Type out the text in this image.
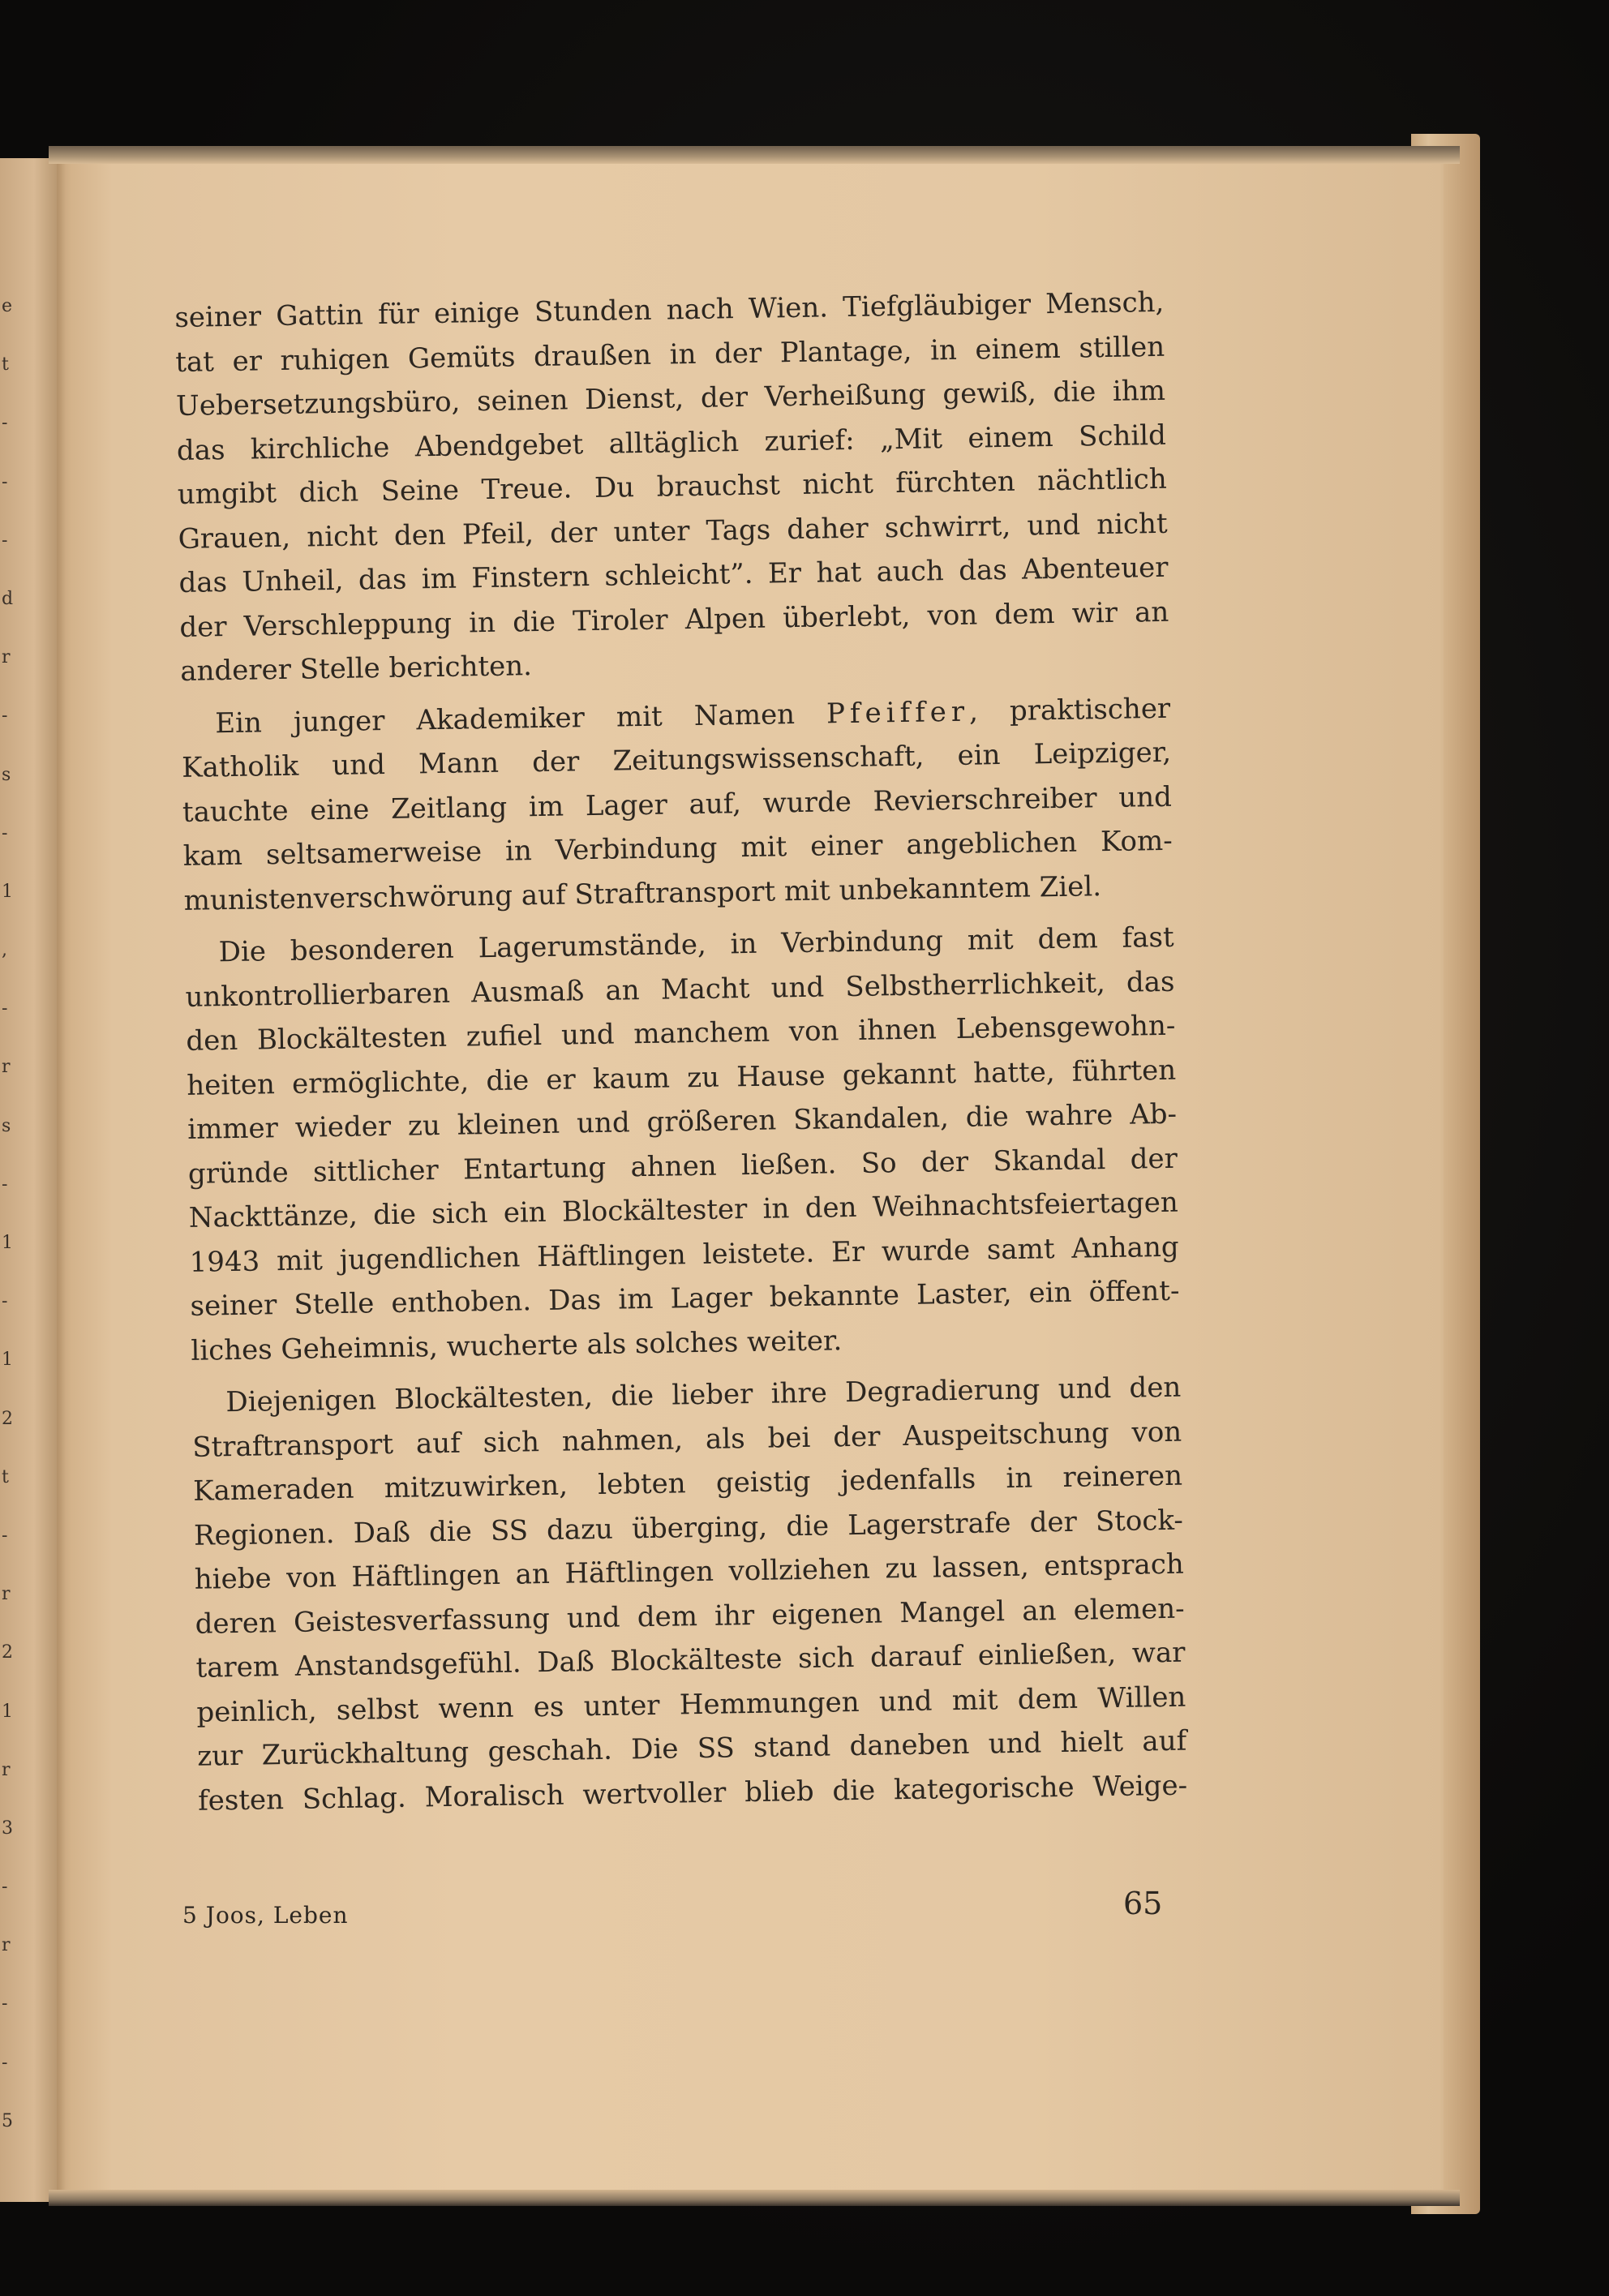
e
t
-
-
-
d
r
-
s
-
1
,
-
r
s
-
1
-
1
2
t
-
r
2
1
r
3
-
r
-
-
5
seiner Gattin für einige Stunden nach Wien. Tiefgläubiger Mensch,
tat er ruhigen Gemüts draußen in der Plantage, in einem stillen
Uebersetzungsbüro, seinen Dienst, der Verheißung gewiß, die ihm
das kirchliche Abendgebet alltäglich zurief: „Mit einem Schild
umgibt dich Seine Treue. Du brauchst nicht fürchten nächtlich
Grauen, nicht den Pfeil, der unter Tags daher schwirrt, und nicht
das Unheil, das im Finstern schleicht”. Er hat auch das Abenteuer
der Verschleppung in die Tiroler Alpen überlebt, von dem wir an
anderer Stelle berichten.
Ein junger Akademiker mit Namen Pfeiffer, praktischer
Katholik und Mann der Zeitungswissenschaft, ein Leipziger,
tauchte eine Zeitlang im Lager auf, wurde Revierschreiber und
kam seltsamerweise in Verbindung mit einer angeblichen Kom-
munistenverschwörung auf Straftransport mit unbekanntem Ziel.
Die besonderen Lagerumstände, in Verbindung mit dem fast
unkontrollierbaren Ausmaß an Macht und Selbstherrlichkeit, das
den Blockältesten zufiel und manchem von ihnen Lebensgewohn-
heiten ermöglichte, die er kaum zu Hause gekannt hatte, führten
immer wieder zu kleinen und größeren Skandalen, die wahre Ab-
gründe sittlicher Entartung ahnen ließen. So der Skandal der
Nackttänze, die sich ein Blockältester in den Weihnachtsfeiertagen
1943 mit jugendlichen Häftlingen leistete. Er wurde samt Anhang
seiner Stelle enthoben. Das im Lager bekannte Laster, ein öffent-
liches Geheimnis, wucherte als solches weiter.
Diejenigen Blockältesten, die lieber ihre Degradierung und den
Straftransport auf sich nahmen, als bei der Auspeitschung von
Kameraden mitzuwirken, lebten geistig jedenfalls in reineren
Regionen. Daß die SS dazu überging, die Lagerstrafe der Stock-
hiebe von Häftlingen an Häftlingen vollziehen zu lassen, entsprach
deren Geistesverfassung und dem ihr eigenen Mangel an elemen-
tarem Anstandsgefühl. Daß Blockälteste sich darauf einließen, war
peinlich, selbst wenn es unter Hemmungen und mit dem Willen
zur Zurückhaltung geschah. Die SS stand daneben und hielt auf
festen Schlag. Moralisch wertvoller blieb die kategorische Weige-
5 Joos, Leben	65
